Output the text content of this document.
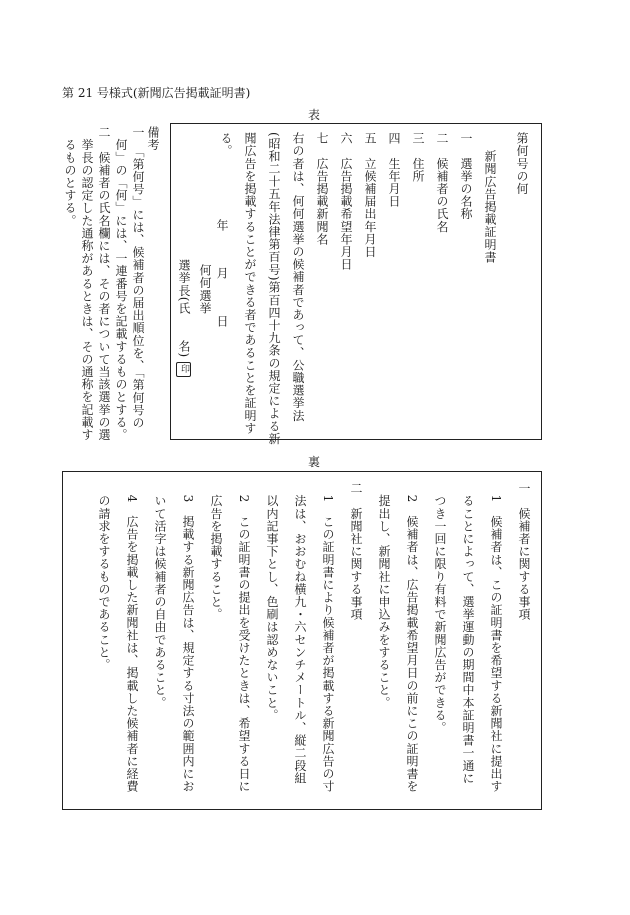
第 21 号様式(新聞広告掲載証明書)
表
第何号の何
新聞広告掲載証明書
一　選挙の名称
二　候補者の氏名
三　住所
四　生年月日
五　立候補届出年月日
六　広告掲載希望年月日
七　広告掲載新聞名
右の者は、何何選挙の候補者であって、公職選挙法
(昭和二十五年法律第百号)第百四十九条の規定による新
聞広告を掲載することができる者であることを証明す
る。
年　月　日
何何選挙
選挙長(氏　　名)印
備考
一　「第何号」には、候補者の届出順位を、「第何号の
　何」の「何」には、一連番号を記載するものとする。
二　候補者の氏名欄には、その者について当該選挙の選
　挙長の認定した通称があるときは、その通称を記載す
　るものとする。
裏
一　候補者に関する事項
　1　候補者は、この証明書を希望する新聞社に提出す
　ることによって、選挙運動の期間中本証明書一通に
　つき一回に限り有料で新聞広告ができる。
　2　候補者は、広告掲載希望月日の前にこの証明書を
　提出し、新聞社に申込みをすること。
二　新聞社に関する事項
　1　この証明書により候補者が掲載する新聞広告の寸
　法は、おおむね横九・六センチメートル、縦二段組
　以内記事下とし、色刷は認めないこと。
　2　この証明書の提出を受けたときは、希望する日に
　広告を掲載すること。
　3　掲載する新聞広告は、規定する寸法の範囲内にお
　いて活字は候補者の自由であること。
　4　広告を掲載した新聞社は、掲載した候補者に経費
　の請求をするものであること。
